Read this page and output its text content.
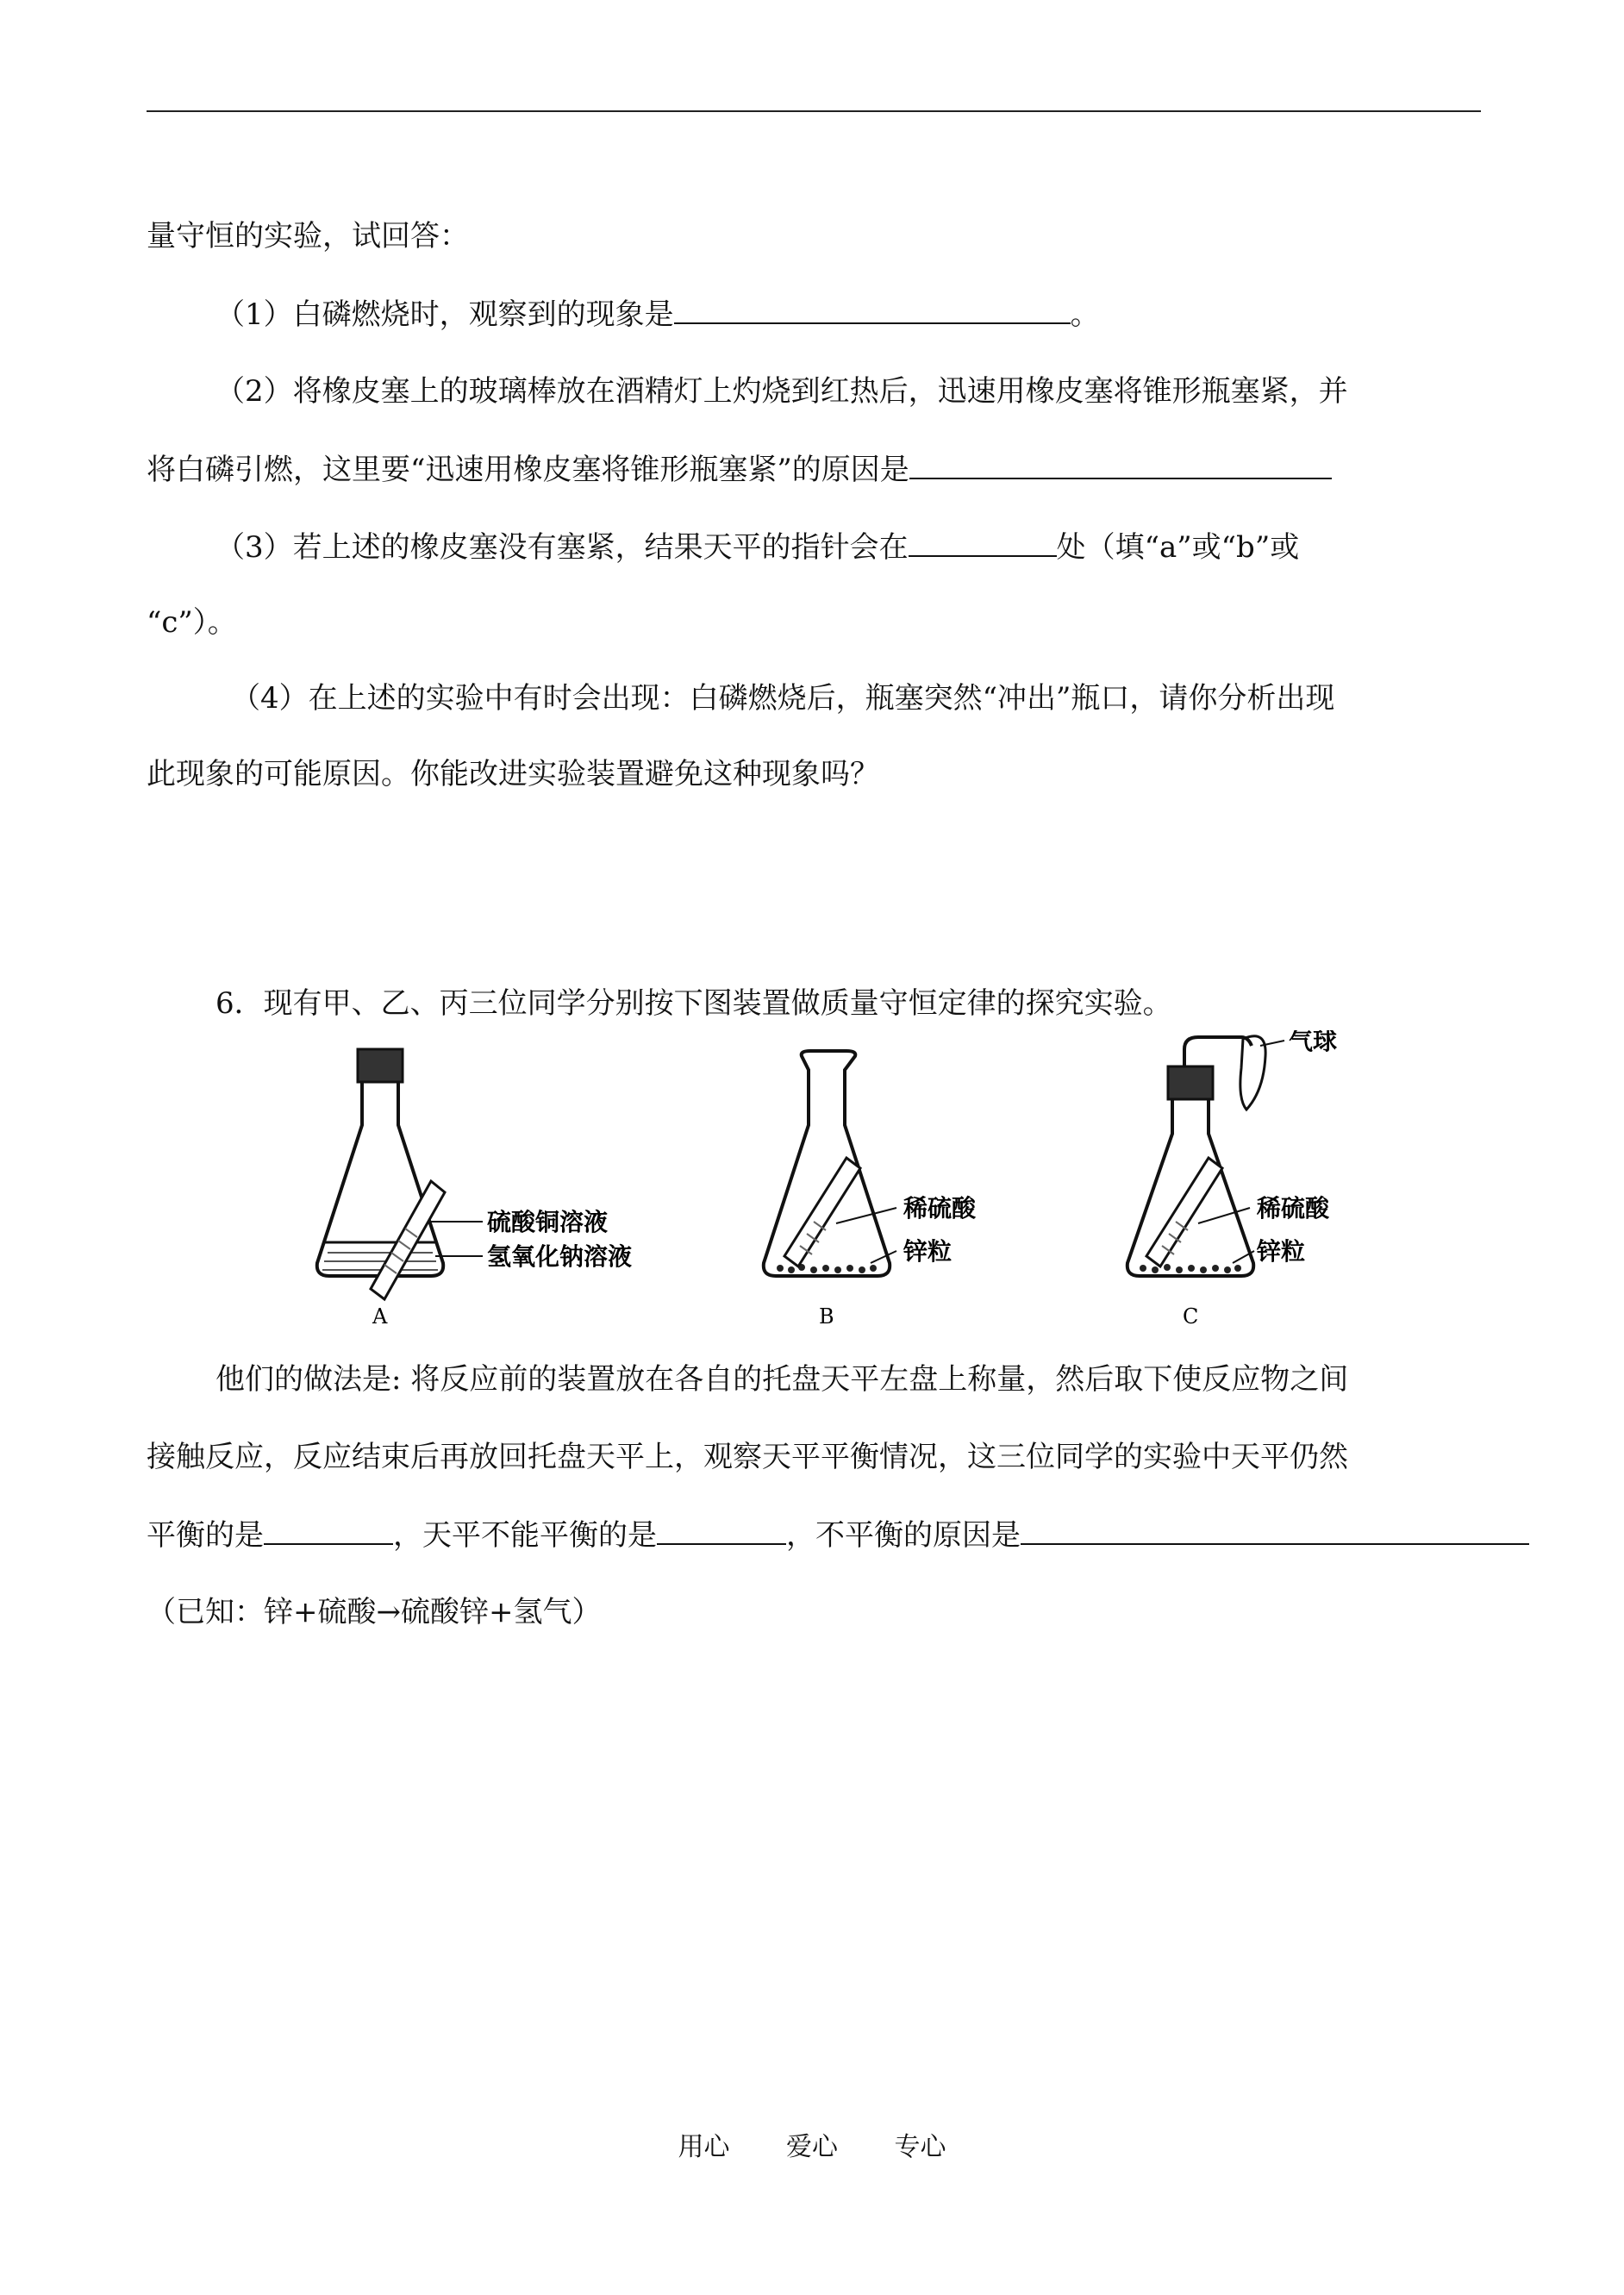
量守恒的实验，试回答：
（1）白磷燃烧时，观察到的现象是	。
（2）将橡皮塞上的玻璃棒放在酒精灯上灼烧到红热后，迅速用橡皮塞将锥形瓶塞紧，并
将白磷引燃，这里要“迅速用橡皮塞将锥形瓶塞紧”的原因是
（3）若上述的橡皮塞没有塞紧，结果天平的指针会在	处（填“a”或“b”或
“c”）。
（4）在上述的实验中有时会出现：白磷燃烧后，瓶塞突然“冲出”瓶口，请你分析出现
此现象的可能原因。你能改进实验装置避免这种现象吗？
6．现有甲、乙、丙三位同学分别按下图装置做质量守恒定律的探究实验。
硫酸铜溶液
氢氧化钠溶液
A
稀硫酸
锌粒
B
气球
稀硫酸
锌粒
C
他们的做法是: 将反应前的装置放在各自的托盘天平左盘上称量，然后取下使反应物之间
接触反应，反应结束后再放回托盘天平上，观察天平平衡情况，这三位同学的实验中天平仍然
平衡的是	，天平不能平衡的是	，不平衡的原因是
（已知：锌+硫酸→硫酸锌+氢气）
用心 爱心 专心
